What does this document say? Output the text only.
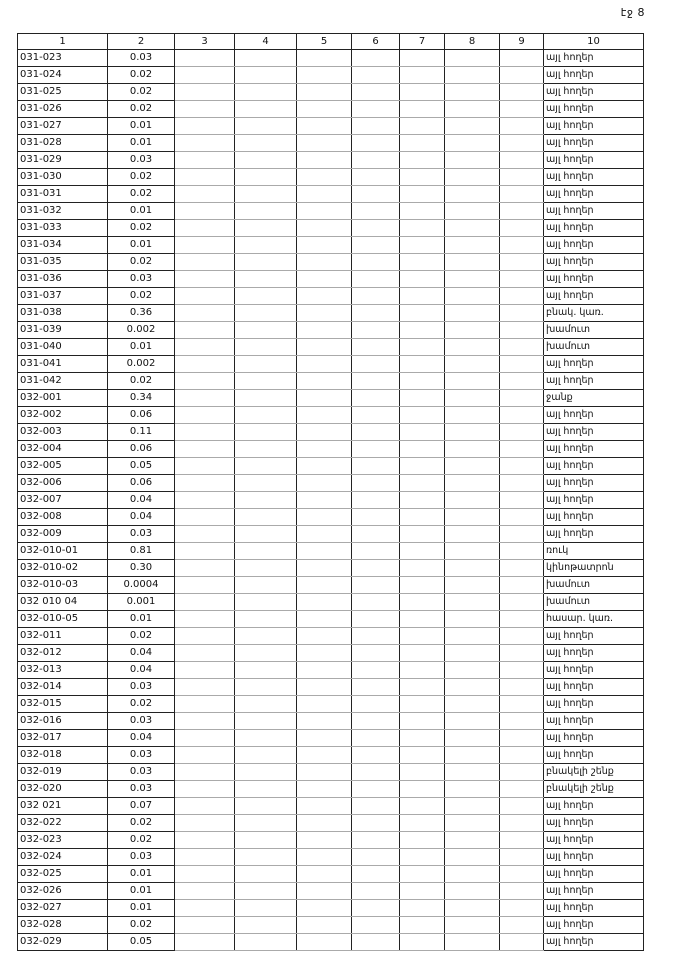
էջ 8
1	2	3	4	5	6	7	8	9	10
031-023	0.03								այլ հողեր
031-024	0.02								այլ հողեր
031-025	0.02								այլ հողեր
031-026	0.02								այլ հողեր
031-027	0.01								այլ հողեր
031-028	0.01								այլ հողեր
031-029	0.03								այլ հողեր
031-030	0.02								այլ հողեր
031-031	0.02								այլ հողեր
031-032	0.01								այլ հողեր
031-033	0.02								այլ հողեր
031-034	0.01								այլ հողեր
031-035	0.02								այլ հողեր
031-036	0.03								այլ հողեր
031-037	0.02								այլ հողեր
031-038	0.36								բնակ. կառ.
031-039	0.002								խամուտ
031-040	0.01								խամուտ
031-041	0.002								այլ հողեր
031-042	0.02								այլ հողեր
032-001	0.34								ջանք
032-002	0.06								այլ հողեր
032-003	0.11								այլ հողեր
032-004	0.06								այլ հողեր
032-005	0.05								այլ հողեր
032-006	0.06								այլ հողեր
032-007	0.04								այլ հողեր
032-008	0.04								այլ հողեր
032-009	0.03								այլ հողեր
032-010-01	0.81								ռուկ
032-010-02	0.30								կինոթատրոն
032-010-03	0.0004								խամուտ
032 010 04	0.001								խամուտ
032-010-05	0.01								հասար. կառ.
032-011	0.02								այլ հողեր
032-012	0.04								այլ հողեր
032-013	0.04								այլ հողեր
032-014	0.03								այլ հողեր
032-015	0.02								այլ հողեր
032-016	0.03								այլ հողեր
032-017	0.04								այլ հողեր
032-018	0.03								այլ հողեր
032-019	0.03								բնակելի շենք
032-020	0.03								բնակելի շենք
032 021	0.07								այլ հողեր
032-022	0.02								այլ հողեր
032-023	0.02								այլ հողեր
032-024	0.03								այլ հողեր
032-025	0.01								այլ հողեր
032-026	0.01								այլ հողեր
032-027	0.01								այլ հողեր
032-028	0.02								այլ հողեր
032-029	0.05								այլ հողեր
